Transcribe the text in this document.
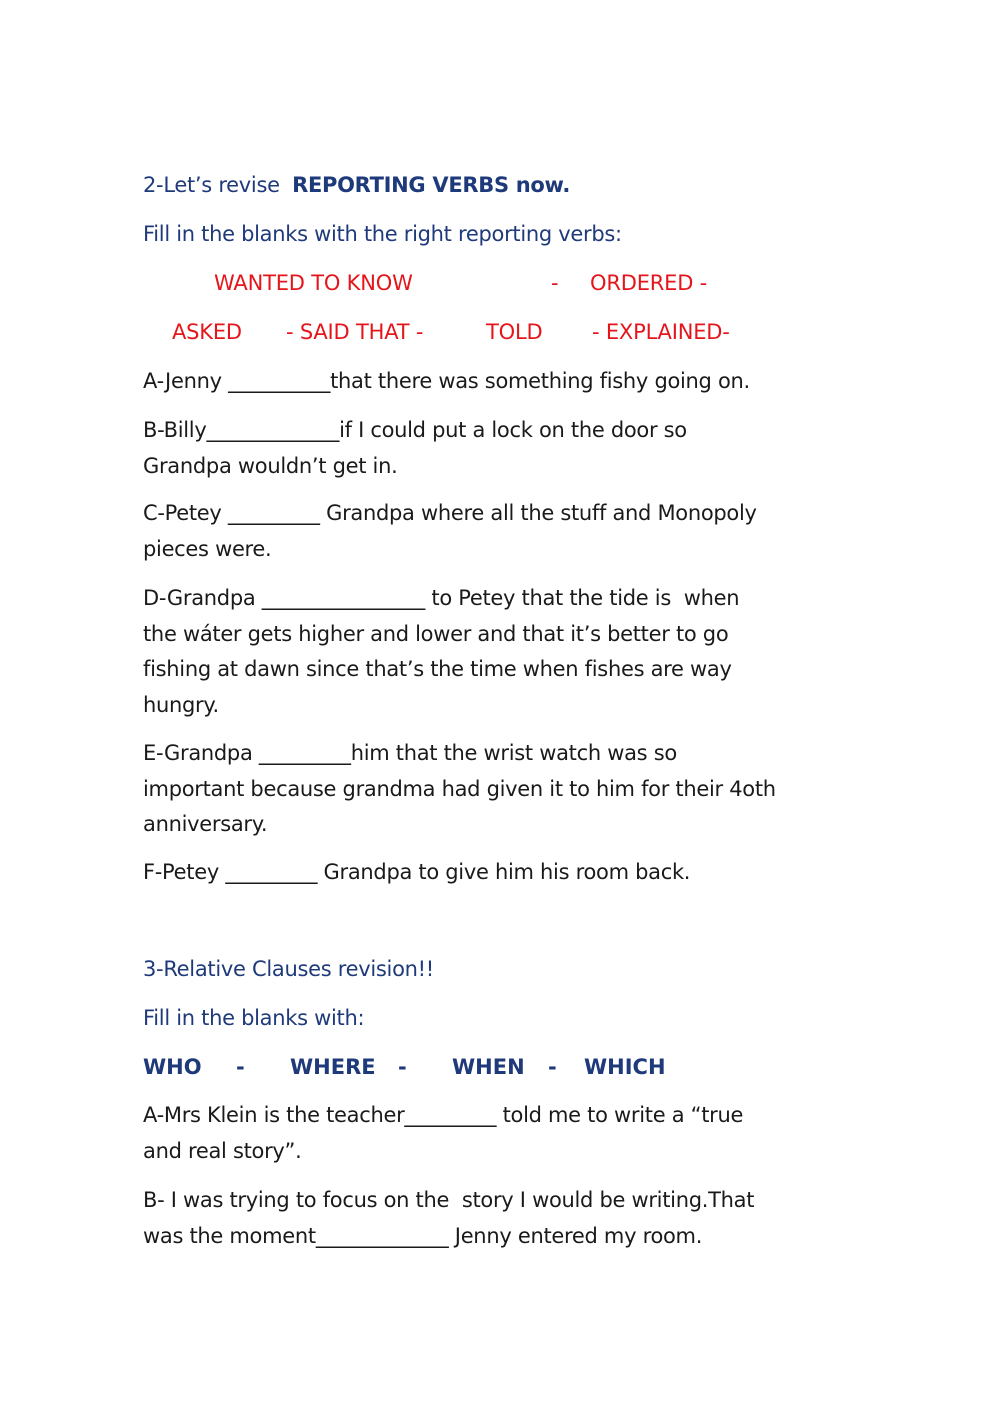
2-Let’s revise REPORTING VERBS now.
Fill in the blanks with the right reporting verbs:
WANTED TO KNOW	- ORDERED -
ASKED - SAID THAT -	TOLD - EXPLAINED-
A-Jenny __________that there was something fishy going on.
B-Billy_____________if I could put a lock on the door so
Grandpa wouldn’t get in.
C-Petey _________ Grandpa where all the stuff and Monopoly
pieces were.
D-Grandpa ________________ to Petey that the tide is  when
the wáter gets higher and lower and that it’s better to go
fishing at dawn since that’s the time when fishes are way
hungry.
E-Grandpa _________him that the wrist watch was so
important because grandma had given it to him for their 4oth
anniversary.
F-Petey _________ Grandpa to give him his room back.
3-Relative Clauses revision!!
Fill in the blanks with:
WHO - WHERE - WHEN - WHICH
A-Mrs Klein is the teacher_________ told me to write a “true
and real story”.
B- I was trying to focus on the  story I would be writing.That
was the moment_____________ Jenny entered my room.
